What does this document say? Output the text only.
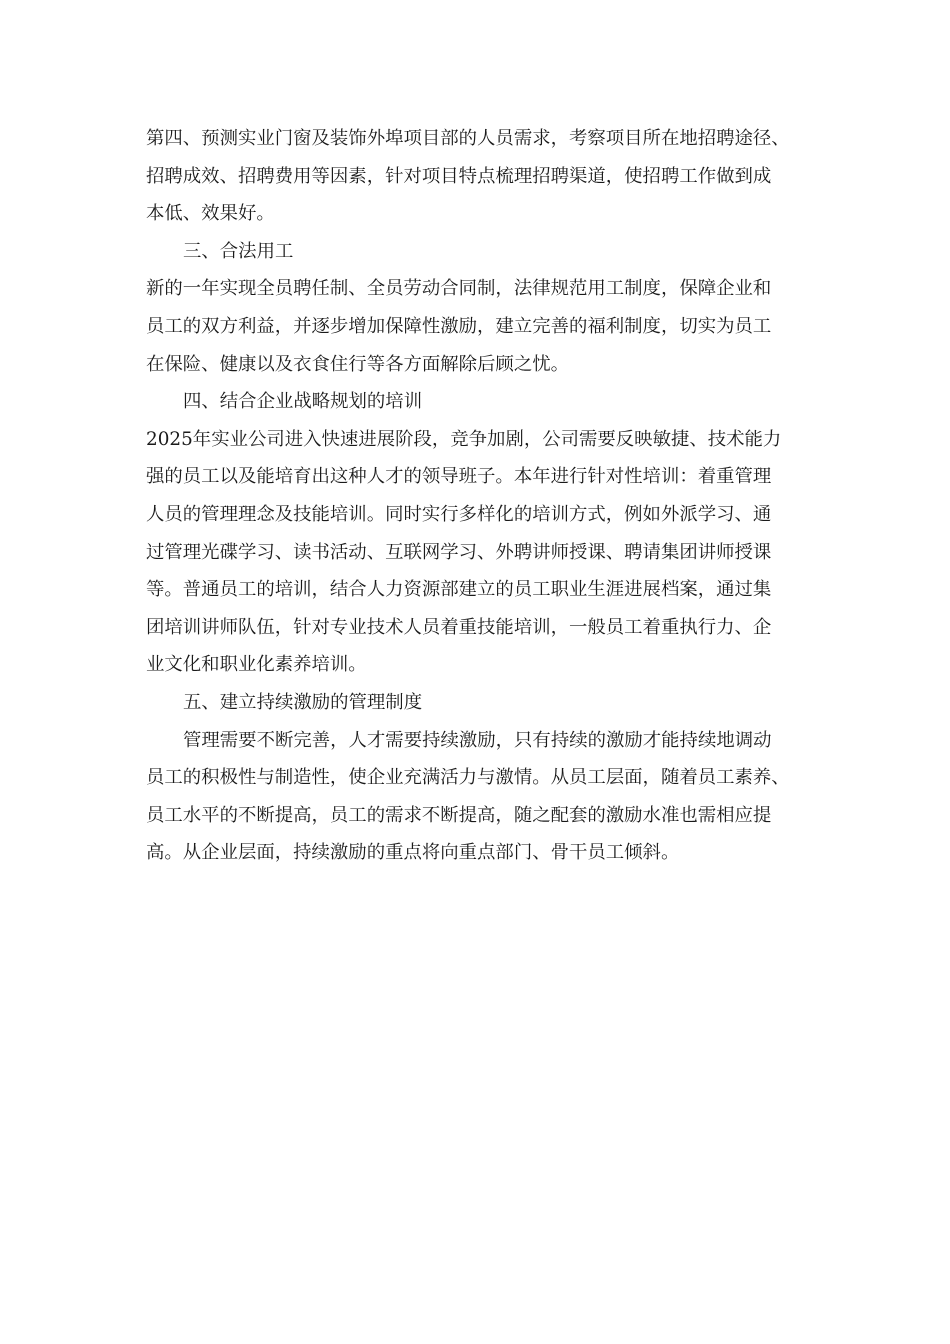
第四、预测实业门窗及装饰外埠项目部的人员需求，考察项目所在地招聘途径、
招聘成效、招聘费用等因素，针对项目特点梳理招聘渠道，使招聘工作做到成
本低、效果好。
三、合法用工
新的一年实现全员聘任制、全员劳动合同制，法律规范用工制度，保障企业和
员工的双方利益，并逐步增加保障性激励，建立完善的福利制度，切实为员工
在保险、健康以及衣食住行等各方面解除后顾之忧。
四、结合企业战略规划的培训
2025年实业公司进入快速进展阶段，竞争加剧，公司需要反映敏捷、技术能力
强的员工以及能培育出这种人才的领导班子。本年进行针对性培训：着重管理
人员的管理理念及技能培训。同时实行多样化的培训方式，例如外派学习、通
过管理光碟学习、读书活动、互联网学习、外聘讲师授课、聘请集团讲师授课
等。普通员工的培训，结合人力资源部建立的员工职业生涯进展档案，通过集
团培训讲师队伍，针对专业技术人员着重技能培训，一般员工着重执行力、企
业文化和职业化素养培训。
五、建立持续激励的管理制度
管理需要不断完善，人才需要持续激励，只有持续的激励才能持续地调动
员工的积极性与制造性，使企业充满活力与激情。从员工层面，随着员工素养、
员工水平的不断提高，员工的需求不断提高，随之配套的激励水准也需相应提
高。从企业层面，持续激励的重点将向重点部门、骨干员工倾斜。
